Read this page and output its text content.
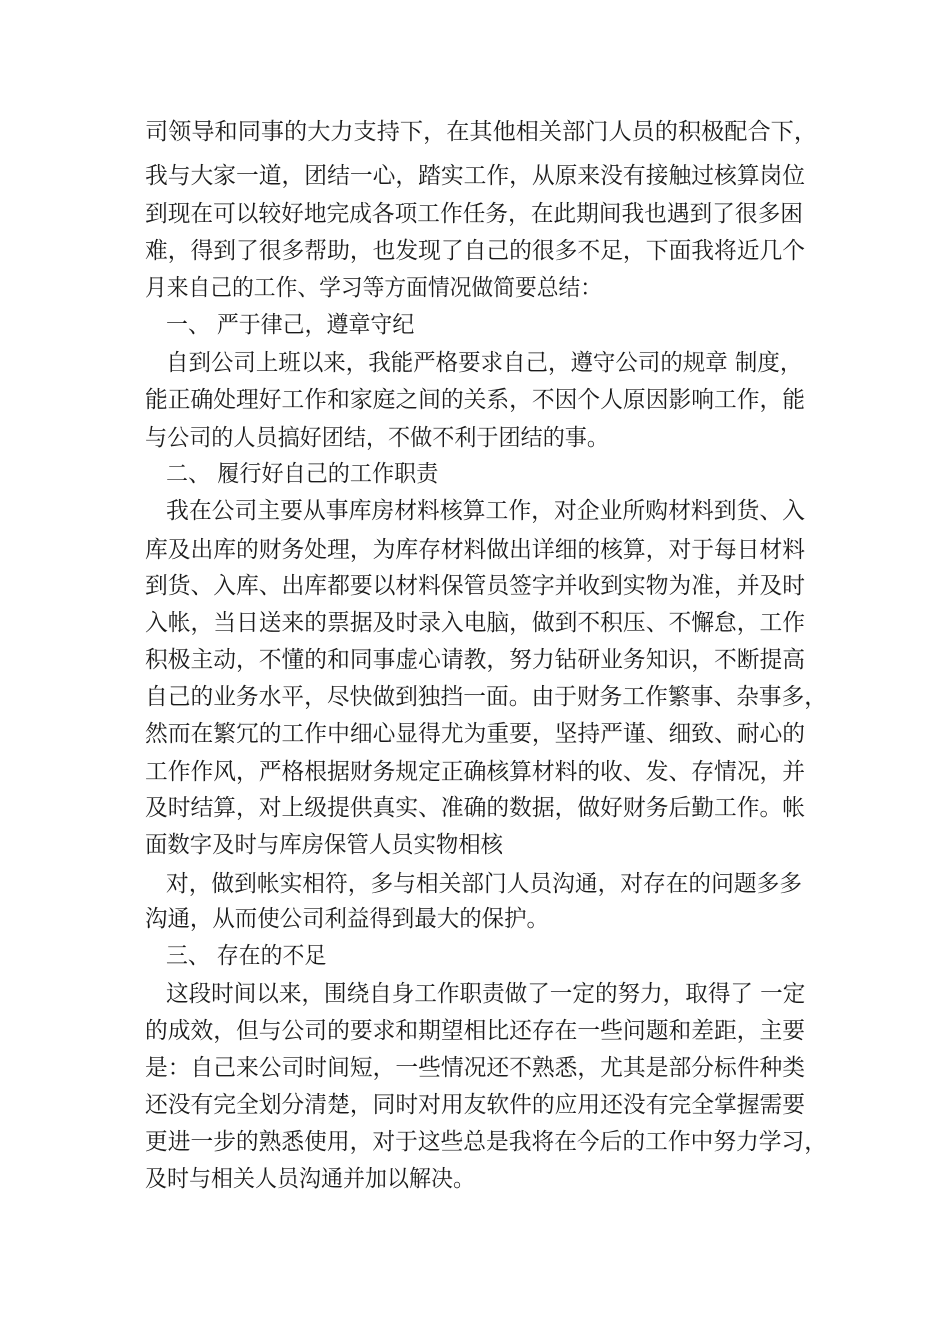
司领导和同事的大力支持下，在其他相关部门人员的积极配合下，
我与大家一道，团结一心，踏实工作，从原来没有接触过核算岗位
到现在可以较好地完成各项工作任务，在此期间我也遇到了很多困
难，得到了很多帮助，也发现了自己的很多不足，下面我将近几个
月来自己的工作、学习等方面情况做简要总结：
一、 严于律己，遵章守纪
自到公司上班以来，我能严格要求自己，遵守公司的规章 制度，
能正确处理好工作和家庭之间的关系，不因个人原因影响工作，能
与公司的人员搞好团结，不做不利于团结的事。
二、 履行好自己的工作职责
我在公司主要从事库房材料核算工作，对企业所购材料到货、入
库及出库的财务处理，为库存材料做出详细的核算，对于每日材料
到货、入库、出库都要以材料保管员签字并收到实物为准，并及时
入帐，当日送来的票据及时录入电脑，做到不积压、不懈怠，工作
积极主动，不懂的和同事虚心请教，努力钻研业务知识，不断提高
自己的业务水平，尽快做到独挡一面。由于财务工作繁事、杂事多，
然而在繁冗的工作中细心显得尤为重要，坚持严谨、细致、耐心的
工作作风，严格根据财务规定正确核算材料的收、发、存情况，并
及时结算，对上级提供真实、准确的数据，做好财务后勤工作。帐
面数字及时与库房保管人员实物相核
对，做到帐实相符，多与相关部门人员沟通，对存在的问题多多
沟通，从而使公司利益得到最大的保护。
三、 存在的不足
这段时间以来，围绕自身工作职责做了一定的努力，取得了 一定
的成效，但与公司的要求和期望相比还存在一些问题和差距，主要
是：自己来公司时间短，一些情况还不熟悉，尤其是部分标件种类
还没有完全划分清楚，同时对用友软件的应用还没有完全掌握需要
更进一步的熟悉使用，对于这些总是我将在今后的工作中努力学习，
及时与相关人员沟通并加以解决。
